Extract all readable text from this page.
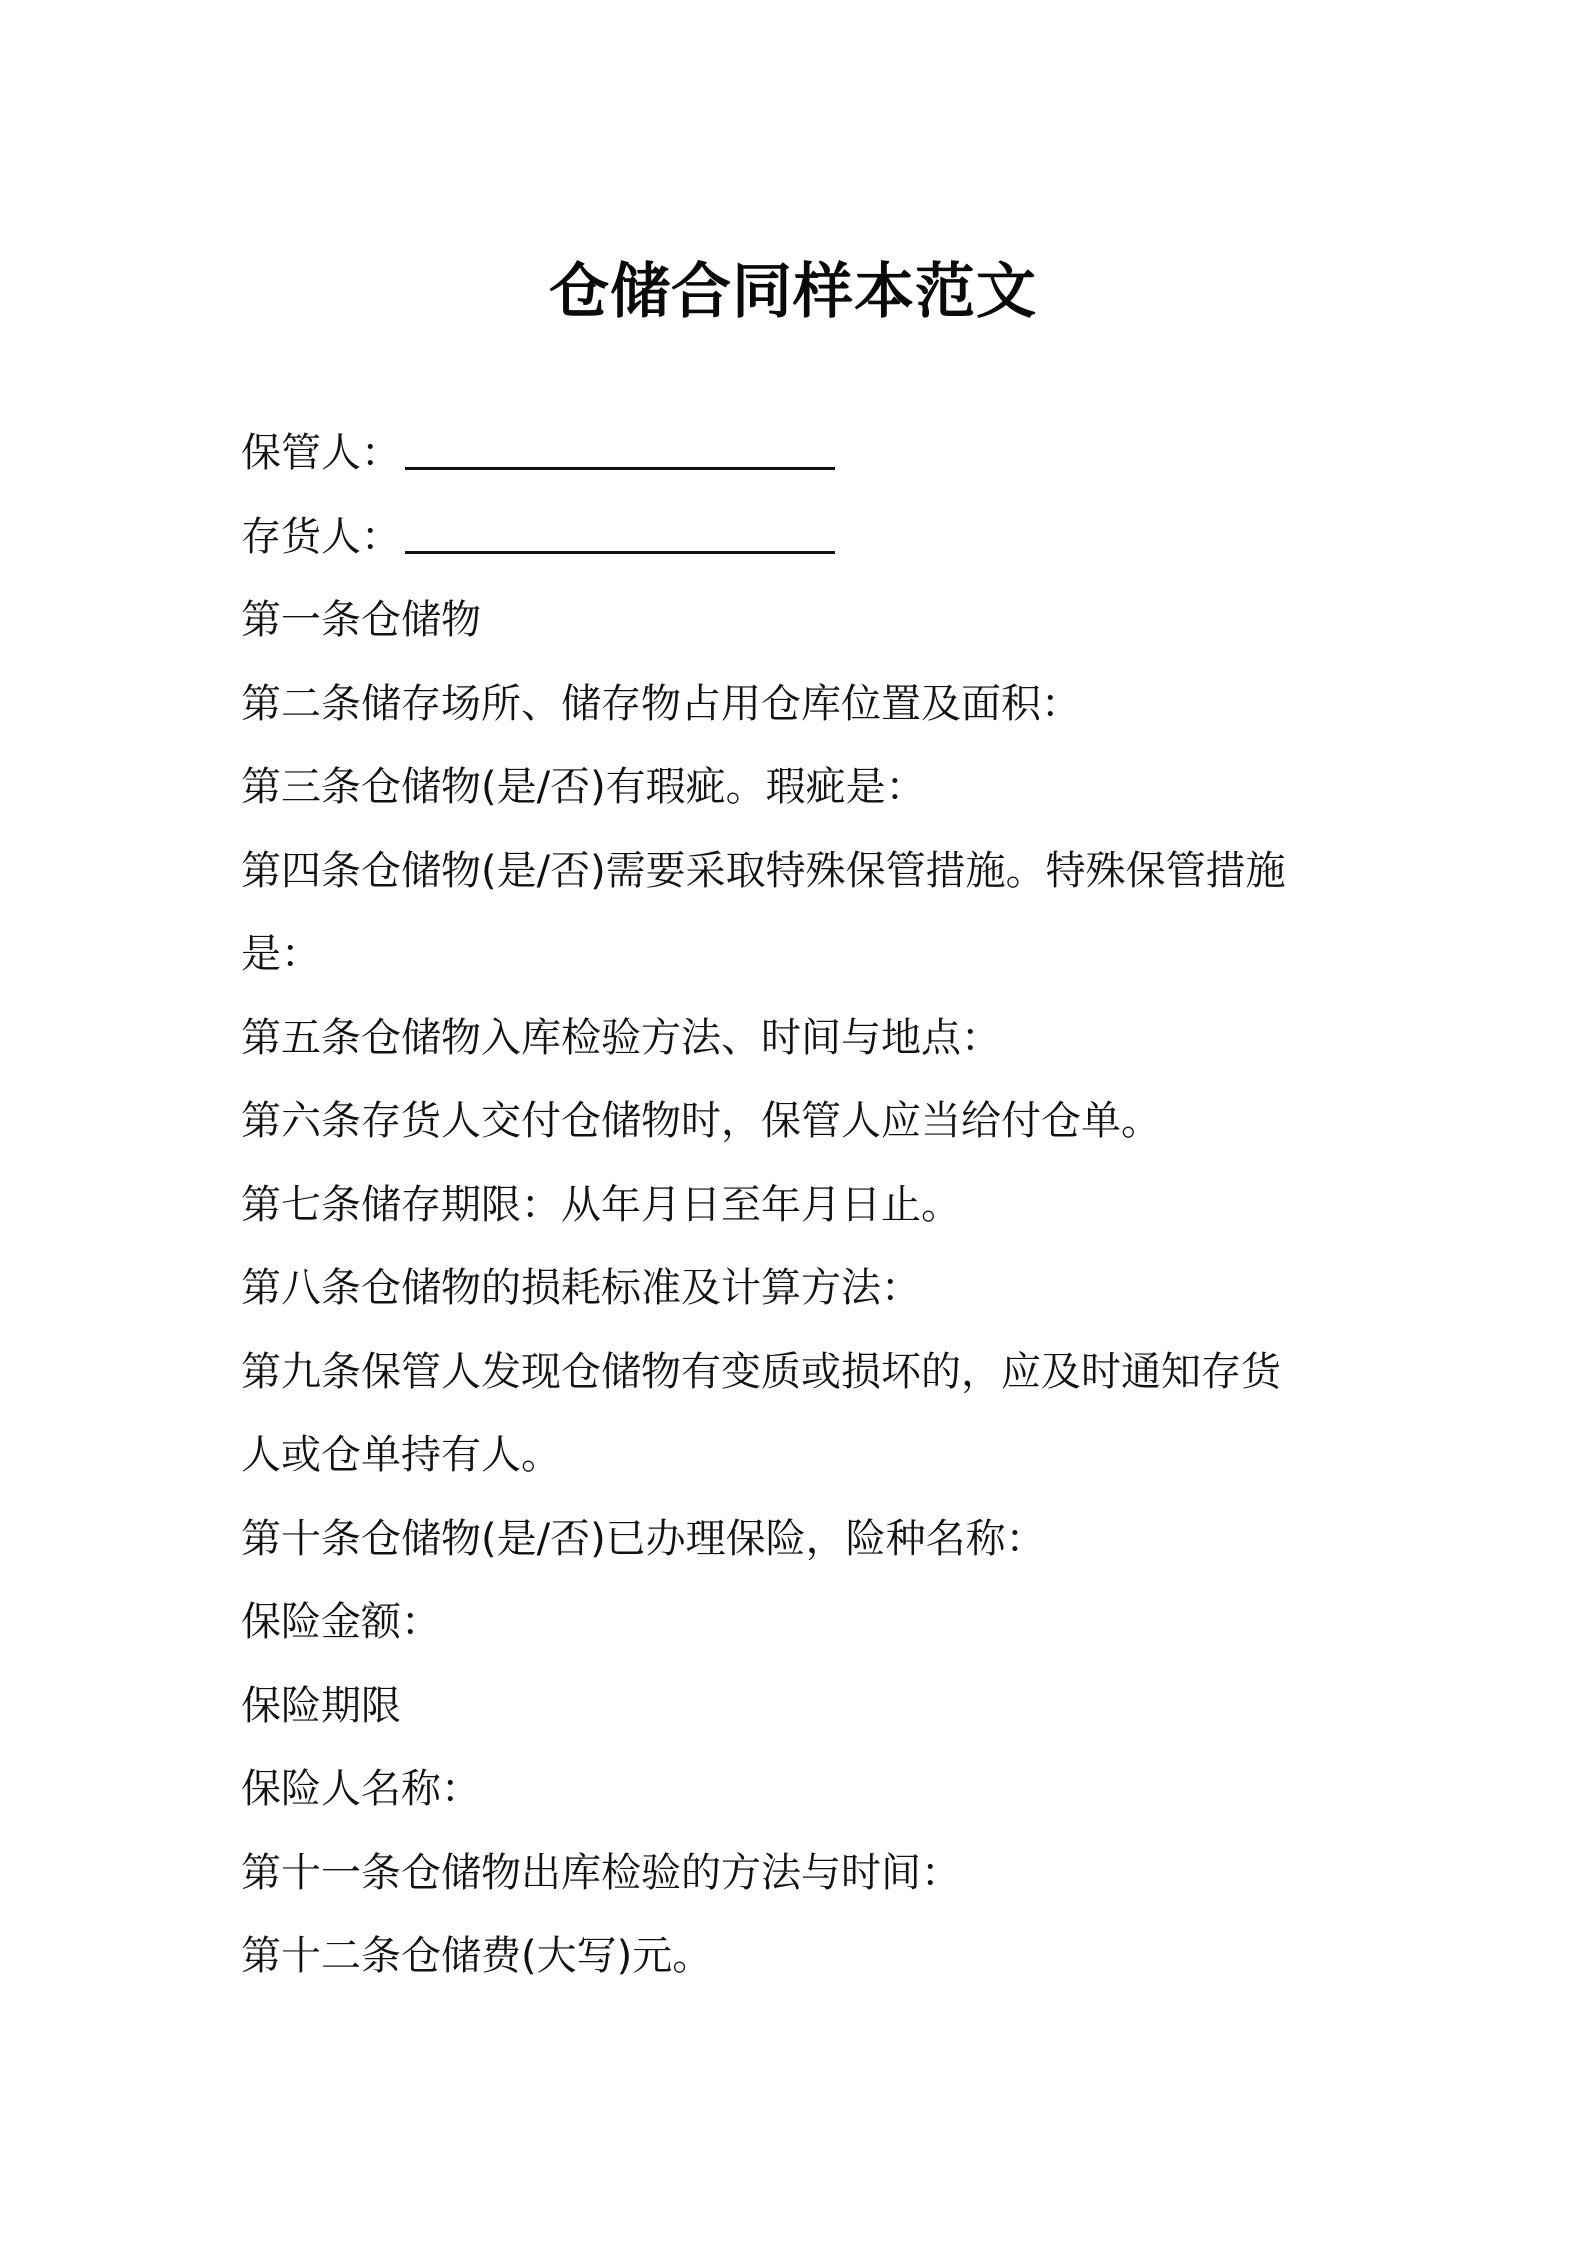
仓储合同样本范文
保管人：
存货人：
第一条仓储物
第二条储存场所、储存物占用仓库位置及面积：
第三条仓储物(是/否)有瑕疵。瑕疵是：
第四条仓储物(是/否)需要采取特殊保管措施。特殊保管措施
是：
第五条仓储物入库检验方法、时间与地点：
第六条存货人交付仓储物时，保管人应当给付仓单。
第七条储存期限：从年月日至年月日止。
第八条仓储物的损耗标准及计算方法：
第九条保管人发现仓储物有变质或损坏的，应及时通知存货
人或仓单持有人。
第十条仓储物(是/否)已办理保险，险种名称：
保险金额：
保险期限
保险人名称：
第十一条仓储物出库检验的方法与时间：
第十二条仓储费(大写)元。
